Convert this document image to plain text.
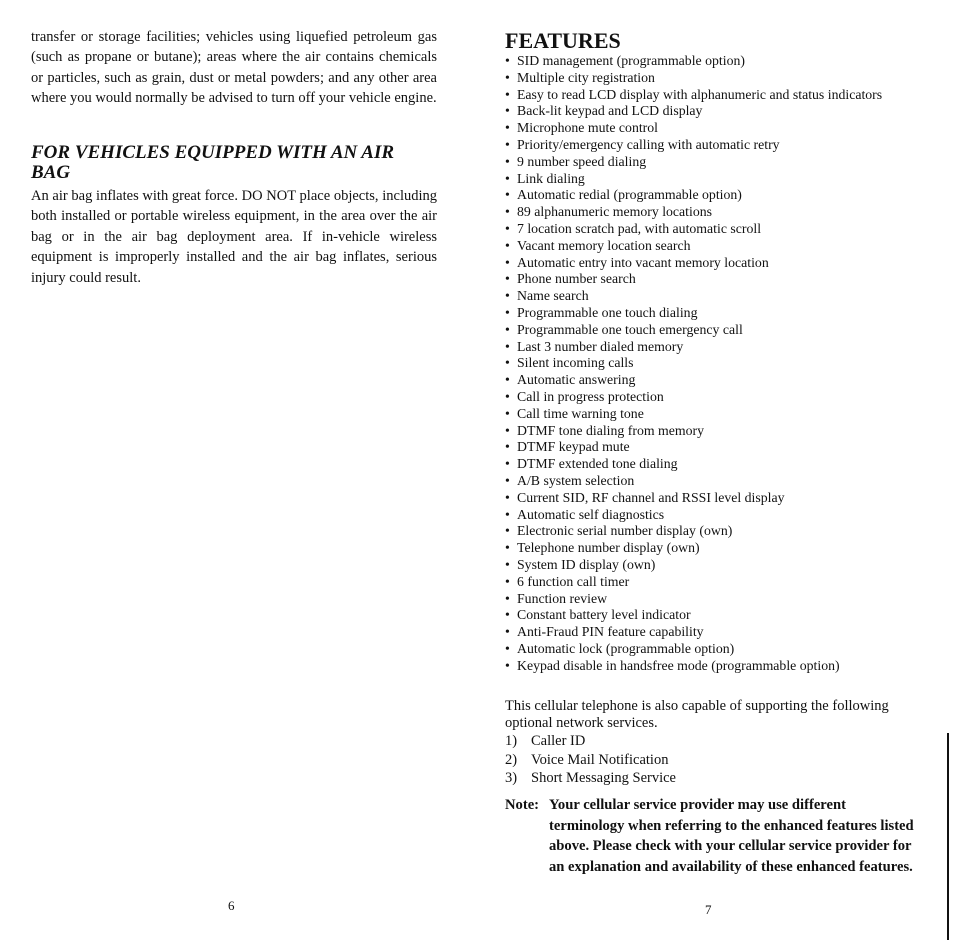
transfer or storage facilities; vehicles using liquefied petroleum gas (such as propane or butane); areas where the air contains chemicals or particles, such as grain, dust or metal powders; and any other area where you would normally be advised to turn off your vehicle engine.

FOR VEHICLES EQUIPPED WITH AN AIR BAG

An air bag inflates with great force. DO NOT place objects, including both installed or portable wireless equipment, in the area over the air bag or in the air bag deployment area. If in-vehicle wireless equipment is improperly installed and the air bag inflates, serious injury could result.

6
FEATURES
• SID management (programmable option)
• Multiple city registration
• Easy to read LCD display with alphanumeric and status indicators
• Back-lit keypad and LCD display
• Microphone mute control
• Priority/emergency calling with automatic retry
• 9 number speed dialing
• Link dialing
• Automatic redial (programmable option)
• 89 alphanumeric memory locations
• 7 location scratch pad, with automatic scroll
• Vacant memory location search
• Automatic entry into vacant memory location
• Phone number search
• Name search
• Programmable one touch dialing
• Programmable one touch emergency call
• Last 3 number dialed memory
• Silent incoming calls
• Automatic answering
• Call in progress protection
• Call time warning tone
• DTMF tone dialing from memory
• DTMF keypad mute
• DTMF extended tone dialing
• A/B system selection
• Current SID, RF channel and RSSI level display
• Automatic self diagnostics
• Electronic serial number display (own)
• Telephone number display (own)
• System ID display (own)
• 6 function call timer
• Function review
• Constant battery level indicator
• Anti-Fraud PIN feature capability
• Automatic lock (programmable option)
• Keypad disable in handsfree mode (programmable option)

This cellular telephone is also capable of supporting the following optional network services.

1) Caller ID
2) Voice Mail Notification
3) Short Messaging Service
Note: Your cellular service provider may use different terminology when referring to the enhanced features listed above. Please check with your cellular service provider for an explanation and availability of these enhanced features.
7
